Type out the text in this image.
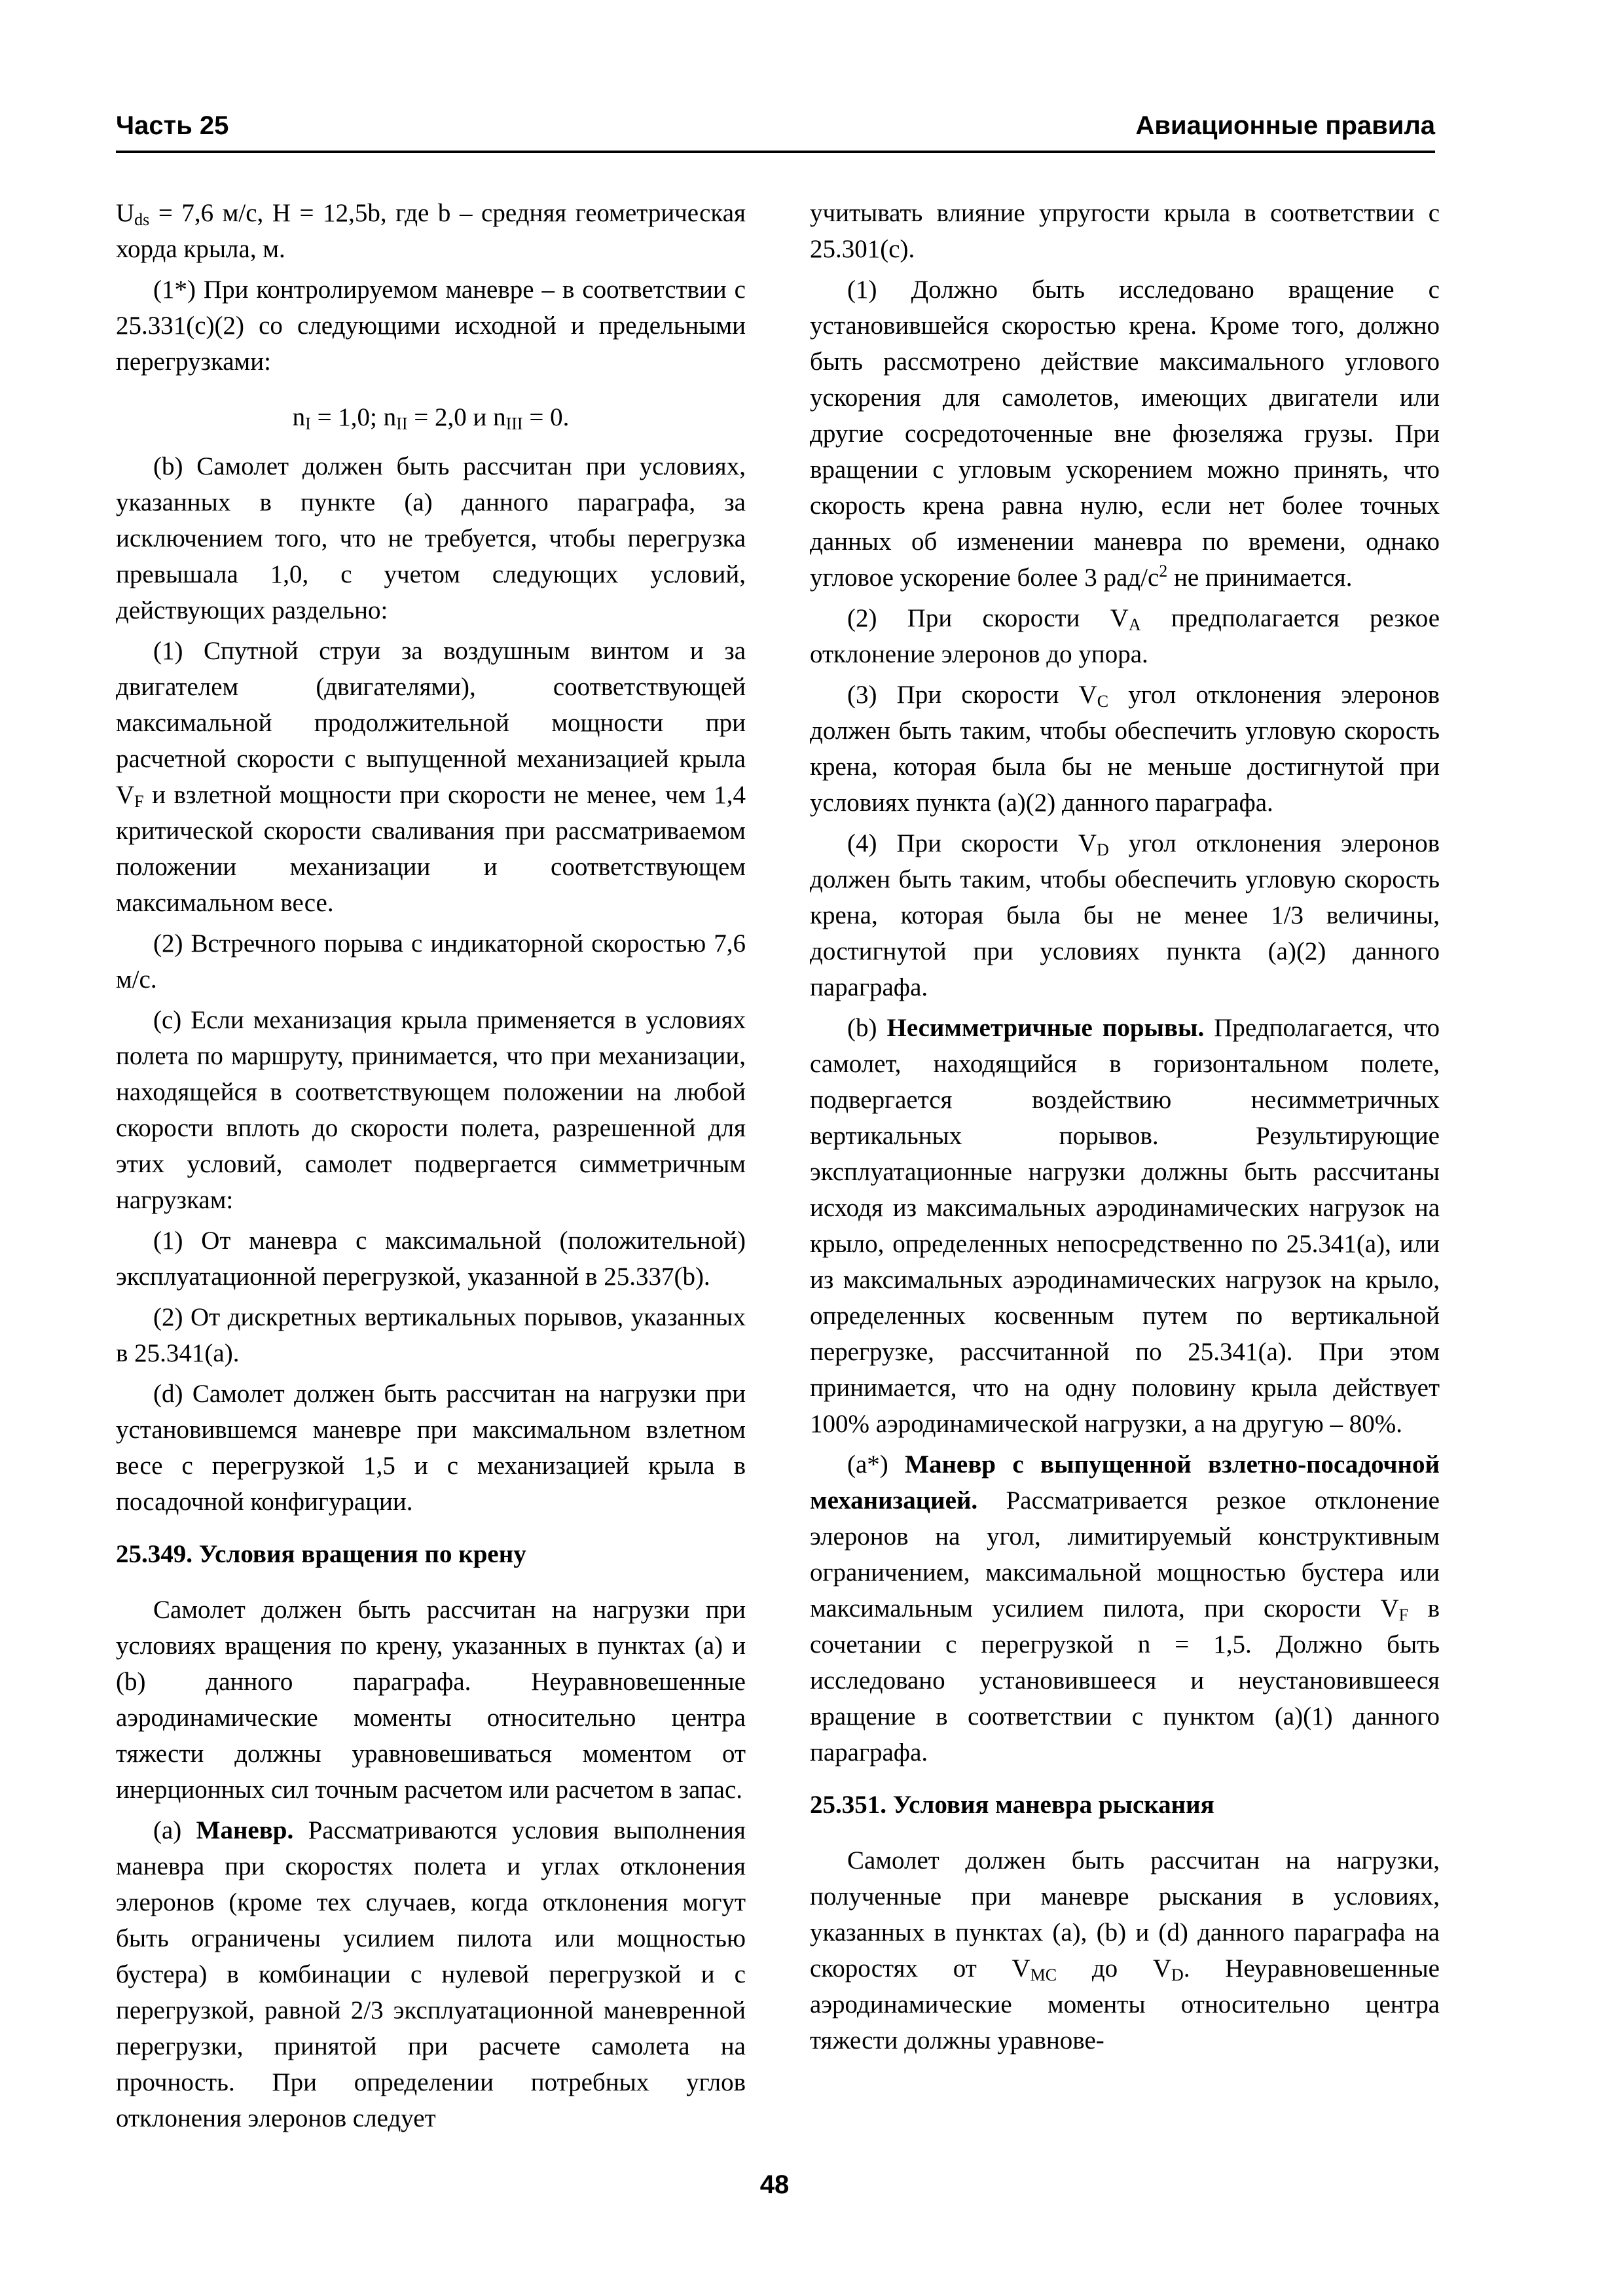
Часть 25	Авиационные правила

$U_{ds} = 7,6$ м/с, H = 12,5b, где b – средняя геометрическая хорда крыла, м.

(1*) При контролируемом маневре – в соответствии с 25.331(c)(2) со следующими исходной и предельными перегрузками:

$n_I = 1,0$; $n_{II} = 2,0$ и $n_{III} = 0$.

(b) Самолет должен быть рассчитан при условиях, указанных в пункте (а) данного параграфа, за исключением того, что не требуется, чтобы перегрузка превышала 1,0, с учетом следующих условий, действующих раздельно:

(1) Спутной струи за воздушным винтом и за двигателем (двигателями), соответствующей максимальной продолжительной мощности при расчетной скорости с выпущенной механизацией крыла $V_F$ и взлетной мощности при скорости не менее, чем 1,4 критической скорости сваливания при рассматриваемом положении механизации и соответствующем максимальном весе.

(2) Встречного порыва с индикаторной скоростью 7,6 м/с.

(c) Если механизация крыла применяется в условиях полета по маршруту, принимается, что при механизации, находящейся в соответствующем положении на любой скорости вплоть до скорости полета, разрешенной для этих условий, самолет подвергается симметричным нагрузкам:

(1) От маневра с максимальной (положительной) эксплуатационной перегрузкой, указанной в 25.337(b).

(2) От дискретных вертикальных порывов, указанных в 25.341(а).

(d) Самолет должен быть рассчитан на нагрузки при установившемся маневре при максимальном взлетном весе с перегрузкой 1,5 и с механизацией крыла в посадочной конфигурации.

25.349. Условия вращения по крену

Самолет должен быть рассчитан на нагрузки при условиях вращения по крену, указанных в пунктах (а) и (b) данного параграфа. Неуравновешенные аэродинамические моменты относительно центра тяжести должны уравновешиваться моментом от инерционных сил точным расчетом или расчетом в запас.

(а) Маневр. Рассматриваются условия выполнения маневра при скоростях полета и углах отклонения элеронов (кроме тех случаев, когда отклонения могут быть ограничены усилием пилота или мощностью бустера) в комбинации с нулевой перегрузкой и с перегрузкой, равной 2/3 эксплуатационной маневренной перегрузки, принятой при расчете самолета на прочность. При определении потребных углов отклонения элеронов следует

учитывать влияние упругости крыла в соответствии с 25.301(c).

(1) Должно быть исследовано вращение с установившейся скоростью крена. Кроме того, должно быть рассмотрено действие максимального углового ускорения для самолетов, имеющих двигатели или другие сосредоточенные вне фюзеляжа грузы. При вращении с угловым ускорением можно принять, что скорость крена равна нулю, если нет более точных данных об изменении маневра по времени, однако угловое ускорение более 3 рад/$с^2$ не принимается.

(2) При скорости $V_A$ предполагается резкое отклонение элеронов до упора.

(3) При скорости $V_C$ угол отклонения элеронов должен быть таким, чтобы обеспечить угловую скорость крена, которая была бы не меньше достигнутой при условиях пункта (а)(2) данного параграфа.

(4) При скорости $V_D$ угол отклонения элеронов должен быть таким, чтобы обеспечить угловую скорость крена, которая была бы не менее 1/3 величины, достигнутой при условиях пункта (а)(2) данного параграфа.

(b) Несимметричные порывы. Предполагается, что самолет, находящийся в горизонтальном полете, подвергается воздействию несимметричных вертикальных порывов. Результирующие эксплуатационные нагрузки должны быть рассчитаны исходя из максимальных аэродинамических нагрузок на крыло, определенных непосредственно по 25.341(а), или из максимальных аэродинамических нагрузок на крыло, определенных косвенным путем по вертикальной перегрузке, рассчитанной по 25.341(а). При этом принимается, что на одну половину крыла действует 100% аэродинамической нагрузки, а на другую – 80%.

(а*) Маневр с выпущенной взлетно-посадочной механизацией. Рассматривается резкое отклонение элеронов на угол, лимитируемый конструктивным ограничением, максимальной мощностью бустера или максимальным усилием пилота, при скорости $V_F$ в сочетании с перегрузкой n = 1,5. Должно быть исследовано установившееся и неустановившееся вращение в соответствии с пунктом (а)(1) данного параграфа.

25.351. Условия маневра рыскания

Самолет должен быть рассчитан на нагрузки, полученные при маневре рыскания в условиях, указанных в пунктах (а), (b) и (d) данного параграфа на скоростях от $V_{MC}$ до $V_D$. Неуравновешенные аэродинамические моменты относительно центра тяжести должны уравнове-

48
